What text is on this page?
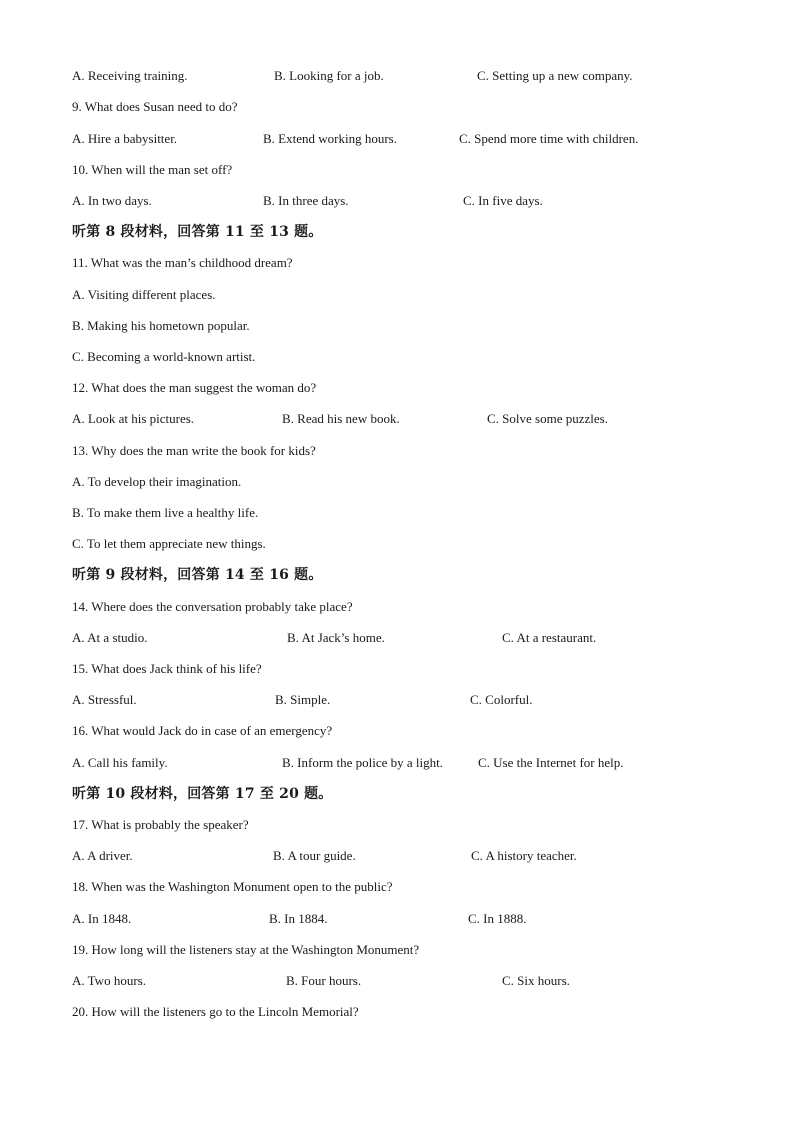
A. Receiving training.	B. Looking for a job.	C. Setting up a new company.
9. What does Susan need to do?
A. Hire a babysitter.	B. Extend working hours.	C. Spend more time with children.
10. When will the man set off?
A. In two days.	B. In three days.	C. In five days.
听第 8 段材料，回答第 11 至 13 题。
11. What was the man’s childhood dream?
A. Visiting different places.
B. Making his hometown popular.
C. Becoming a world-known artist.
12. What does the man suggest the woman do?
A. Look at his pictures.	B. Read his new book.	C. Solve some puzzles.
13. Why does the man write the book for kids?
A. To develop their imagination.
B. To make them live a healthy life.
C. To let them appreciate new things.
听第 9 段材料，回答第 14 至 16 题。
14. Where does the conversation probably take place?
A. At a studio.	B. At Jack’s home.	C. At a restaurant.
15. What does Jack think of his life?
A. Stressful.	B. Simple.	C. Colorful.
16. What would Jack do in case of an emergency?
A. Call his family.	B. Inform the police by a light.	C. Use the Internet for help.
听第 10 段材料，回答第 17 至 20 题。
17. What is probably the speaker?
A. A driver.	B. A tour guide.	C. A history teacher.
18. When was the Washington Monument open to the public?
A. In 1848.	B. In 1884.	C. In 1888.
19. How long will the listeners stay at the Washington Monument?
A. Two hours.	B. Four hours.	C. Six hours.
20. How will the listeners go to the Lincoln Memorial?
